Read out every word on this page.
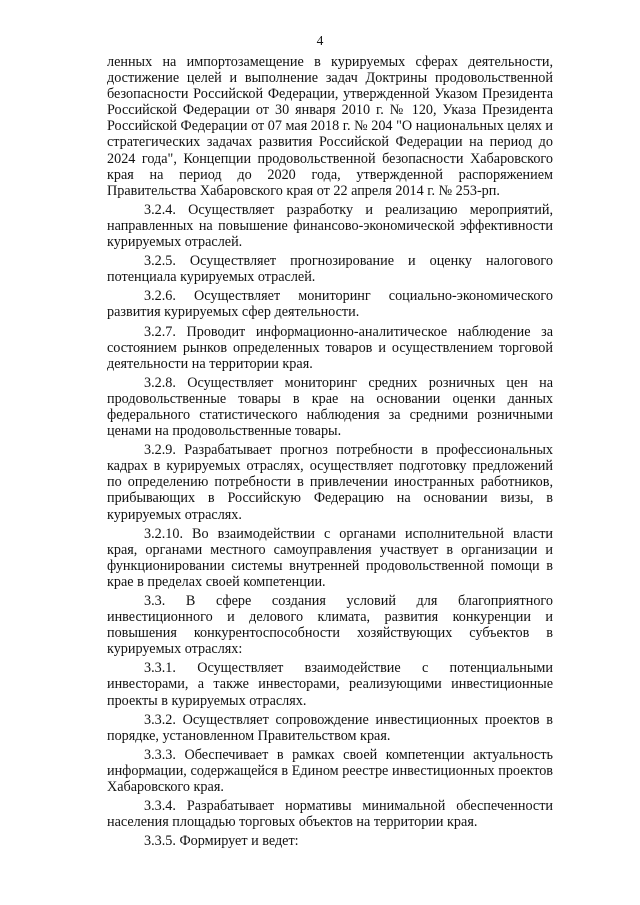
4

ленных на импортозамещение в курируемых сферах деятельности, достижение целей и выполнение задач Доктрины продовольственной безопасности Российской Федерации, утвержденной Указом Президента Российской Федерации от 30 января 2010 г. № 120, Указа Президента Российской Федерации от 07 мая 2018 г. № 204 "О национальных целях и стратегических задачах развития Российской Федерации на период до 2024 года", Концепции продовольственной безопасности Хабаровского края на период до 2020 года, утвержденной распоряжением Правительства Хабаровского края от 22 апреля 2014 г. № 253-рп.

3.2.4. Осуществляет разработку и реализацию мероприятий, направленных на повышение финансово-экономической эффективности курируемых отраслей.

3.2.5. Осуществляет прогнозирование и оценку налогового потенциала курируемых отраслей.

3.2.6. Осуществляет мониторинг социально-экономического развития курируемых сфер деятельности.

3.2.7. Проводит информационно-аналитическое наблюдение за состоянием рынков определенных товаров и осуществлением торговой деятельности на территории края.

3.2.8. Осуществляет мониторинг средних розничных цен на продовольственные товары в крае на основании оценки данных федерального статистического наблюдения за средними розничными ценами на продовольственные товары.

3.2.9. Разрабатывает прогноз потребности в профессиональных кадрах в курируемых отраслях, осуществляет подготовку предложений по определению потребности в привлечении иностранных работников, прибывающих в Российскую Федерацию на основании визы, в курируемых отраслях.

3.2.10. Во взаимодействии с органами исполнительной власти края, органами местного самоуправления участвует в организации и функционировании системы внутренней продовольственной помощи в крае в пределах своей компетенции.

3.3. В сфере создания условий для благоприятного инвестиционного и делового климата, развития конкуренции и повышения конкурентоспособности хозяйствующих субъектов в курируемых отраслях:

3.3.1. Осуществляет взаимодействие с потенциальными инвесторами, а также инвесторами, реализующими инвестиционные проекты в курируемых отраслях.

3.3.2. Осуществляет сопровождение инвестиционных проектов в порядке, установленном Правительством края.

3.3.3. Обеспечивает в рамках своей компетенции актуальность информации, содержащейся в Едином реестре инвестиционных проектов Хабаровского края.

3.3.4. Разрабатывает нормативы минимальной обеспеченности населения площадью торговых объектов на территории края.

3.3.5. Формирует и ведет:
